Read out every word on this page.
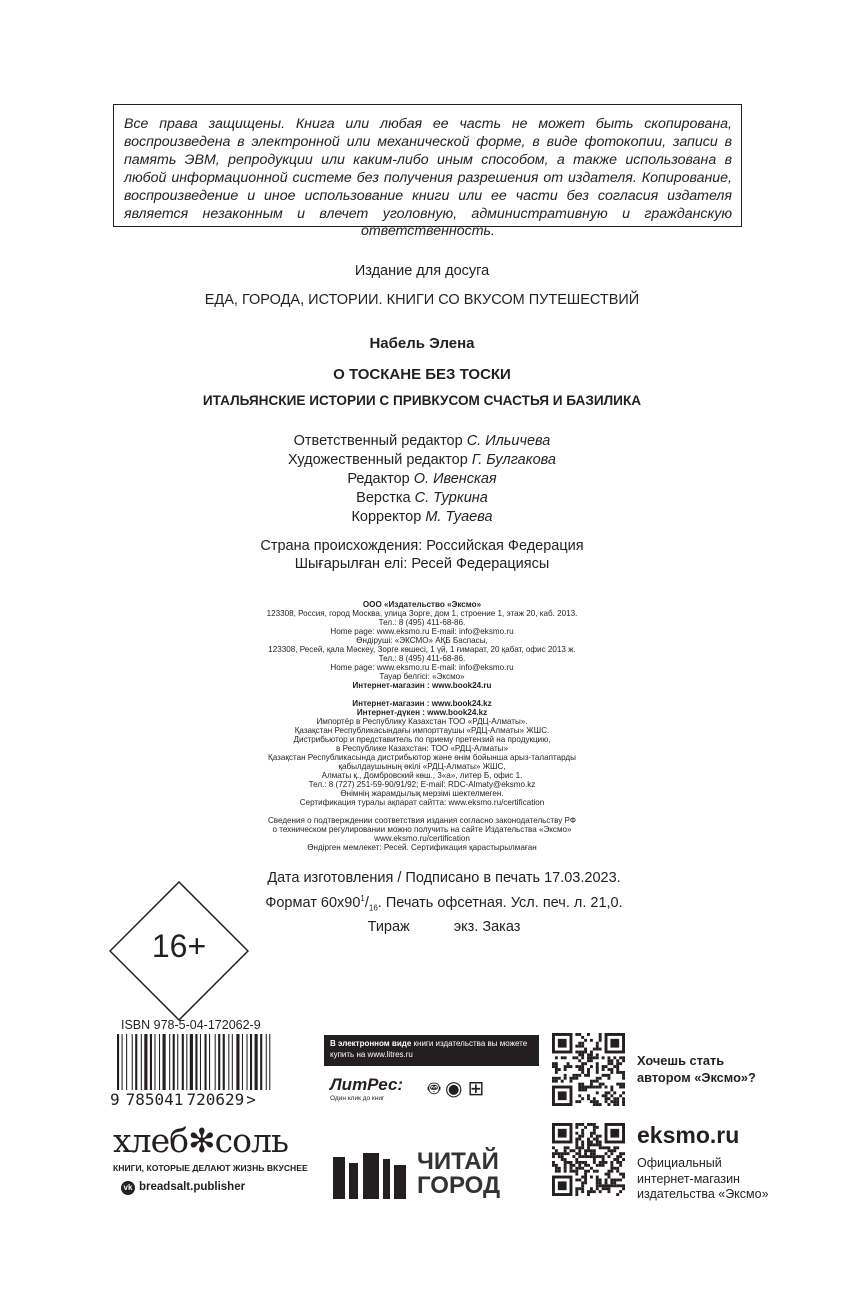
Все права защищены. Книга или любая ее часть не может быть скопирована, воспроизведена в электронной или механической форме, в виде фотокопии, записи в память ЭВМ, репродукции или каким-либо иным способом, а также использована в любой информационной системе без получения разрешения от издателя. Копирование, воспроизведение и иное использование книги или ее части без согласия издателя является незаконным и влечет уголовную, административную и гражданскую ответственность.
Издание для досуга
ЕДА, ГОРОДА, ИСТОРИИ. КНИГИ СО ВКУСОМ ПУТЕШЕСТВИЙ
Набель Элена
О ТОСКАНЕ БЕЗ ТОСКИ
ИТАЛЬЯНСКИЕ ИСТОРИИ С ПРИВКУСОМ СЧАСТЬЯ И БАЗИЛИКА
Ответственный редактор С. Ильичева
Художественный редактор Г. Булгакова
Редактор О. Ивенская
Верстка С. Туркина
Корректор М. Туаева
Страна происхождения: Российская Федерация
Шығарылған елі: Ресей Федерациясы
ООО «Издательство «Эксмо»
123308, Россия, город Москва, улица Зорге, дом 1, строение 1, этаж 20, каб. 2013.
Тел.: 8 (495) 411-68-86.
Home page: www.eksmo.ru E-mail: info@eksmo.ru
Өндіруші: «ЭКСМО» АҚБ Баспасы,
123308, Ресей, қала Мәскеу, Зорге көшесі, 1 үй, 1 ғимарат, 20 қабат, офис 2013 ж.
Тел.: 8 (495) 411-68-86.
Home page: www.eksmo.ru E-mail: info@eksmo.ru
Тауар белгісі: «Эксмо»
Интернет-магазин : www.book24.ru
Интернет-магазин : www.book24.kz
Интернет-дүкен : www.book24.kz
Импортёр в Республику Казахстан ТОО «РДЦ-Алматы».
Қазақстан Республикасындағы импорттаушы «РДЦ-Алматы» ЖШС.
Дистрибьютор и представитель по приему претензий на продукцию,
в Республике Казахстан: ТОО «РДЦ-Алматы»
Қазақстан Республикасында дистрибьютор және өнім бойынша арыз-талаптарды
қабылдаушының өкілі «РДЦ-Алматы» ЖШС,
Алматы қ., Домбровский көш., 3«а», литер Б, офис 1.
Тел.: 8 (727) 251-59-90/91/92; E-mail: RDC-Almaty@eksmo.kz
Өнімнің жарамдылық мерзімі шектелмеген.
Сертификация туралы ақпарат сайтта: www.eksmo.ru/certification
Сведения о подтверждении соответствия издания согласно законодательству РФ
о техническом регулировании можно получить на сайте Издательства «Эксмо»
www.eksmo.ru/certification
Өндірген мемлекет: Ресей. Сертификация қарастырылмаған
Дата изготовления / Подписано в печать 17.03.2023.
Формат $60х90^1/_{16}$. Печать офсетная. Усл. печ. л. 21,0.
Тираж	экз. Заказ
16+
ISBN 978-5-04-172062-9
9 785041 720629 >
хлеб✻соль
КНИГИ, КОТОРЫЕ ДЕЛАЮТ ЖИЗНЬ ВКУСНЕЕ
breadsalt.publisher
vk
В электронном виде книги издательства вы можете
купить на www.litres.ru
ЛитРес:
Один клик до книг 🤖︎◉⊞
ЧИТАЙ
ГОРОД
Хочешь стать
автором «Эксмо»?
eksmo.ru
Официальный
интернет-магазин
издательства «Эксмо»
